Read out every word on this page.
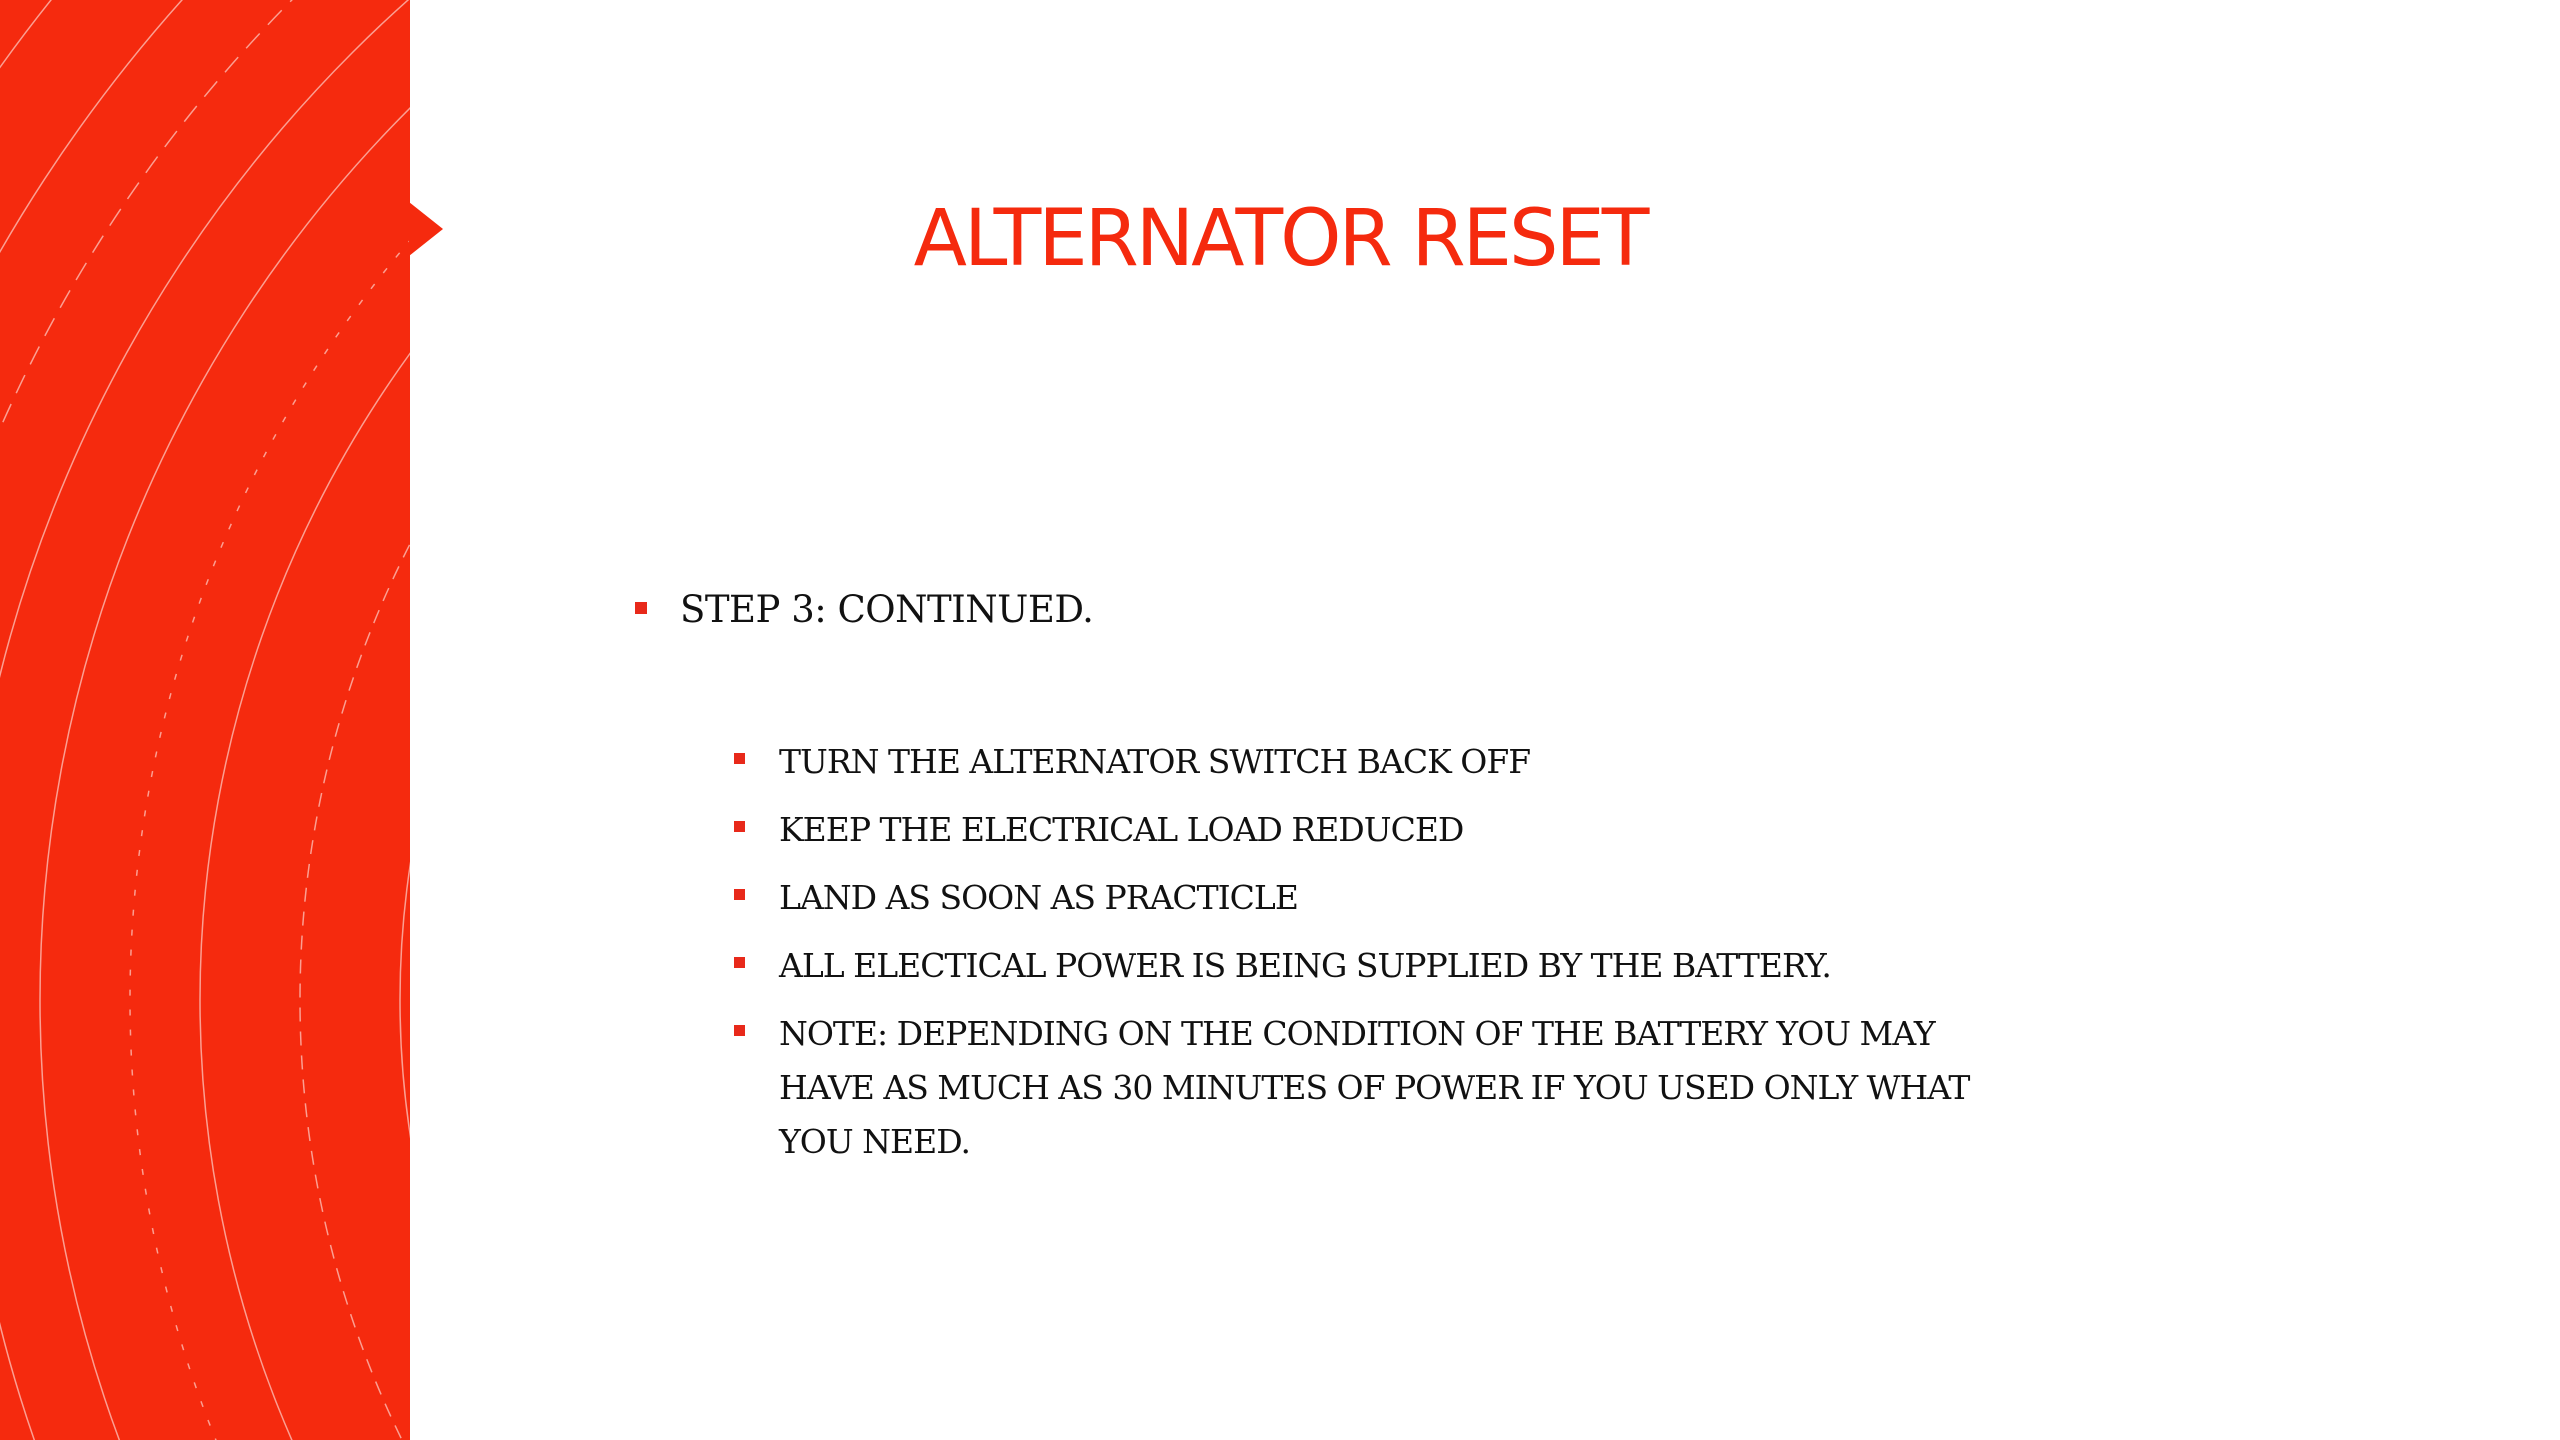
ALTERNATOR RESET
STEP 3: CONTINUED.
TURN THE ALTERNATOR SWITCH BACK OFF
KEEP THE ELECTRICAL LOAD REDUCED
LAND AS SOON AS PRACTICLE
ALL ELECTICAL POWER IS BEING SUPPLIED BY THE BATTERY.
NOTE: DEPENDING ON THE CONDITION OF THE BATTERY YOU MAY HAVE AS MUCH AS 30 MINUTES OF POWER IF YOU USED ONLY WHAT YOU NEED.
